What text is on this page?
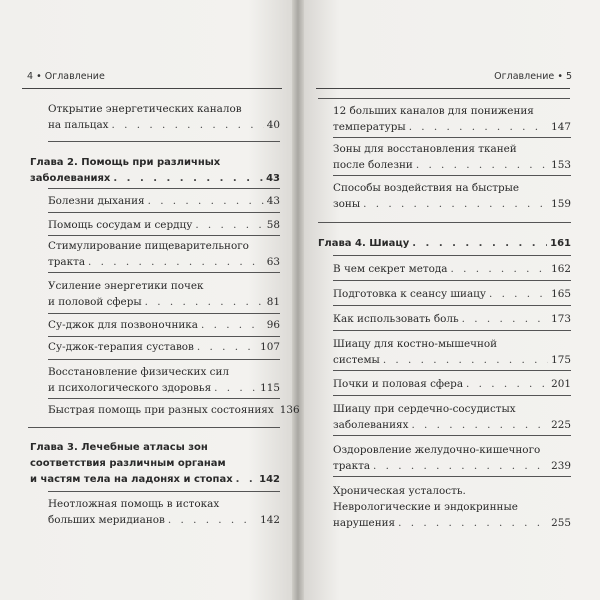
4 • Оглавление	Оглавление • 5
Открытие энергетических каналов
на пальцах . . .	40
Глава 2. Помощь при различных
заболеваниях . . .	43
Болезни дыхания . . .	43
Помощь сосудам и сердцу . . .	58
Стимулирование пищеварительного
тракта . . .	63
Усиление энергетики почек
и половой сферы . . .	81
Су-джок для позвоночника . . .	96
Су-джок-терапия суставов . . .	107
Восстановление физических сил
и психологического здоровья . . .	115
Быстрая помощь при разных состояниях 136
Глава 3. Лечебные атласы зон
соответствия различным органам
и частям тела на ладонях и стопах . . .	142
Неотложная помощь в истоках
больших меридианов . . .	142
12 больших каналов для понижения
температуры . . .	147
Зоны для восстановления тканей
после болезни . . .	153
Способы воздействия на быстрые
зоны . . .	159
Глава 4. Шиацу . . .	161
В чем секрет метода . . .	162
Подготовка к сеансу шиацу . . .	165
Как использовать боль . . .	173
Шиацу для костно-мышечной
системы . . .	175
Почки и половая сфера . . .	201
Шиацу при сердечно-сосудистых
заболеваниях . . .	225
Оздоровление желудочно-кишечного
тракта . . .	239
Хроническая усталость.
Неврологические и эндокринные
нарушения . . .	255
